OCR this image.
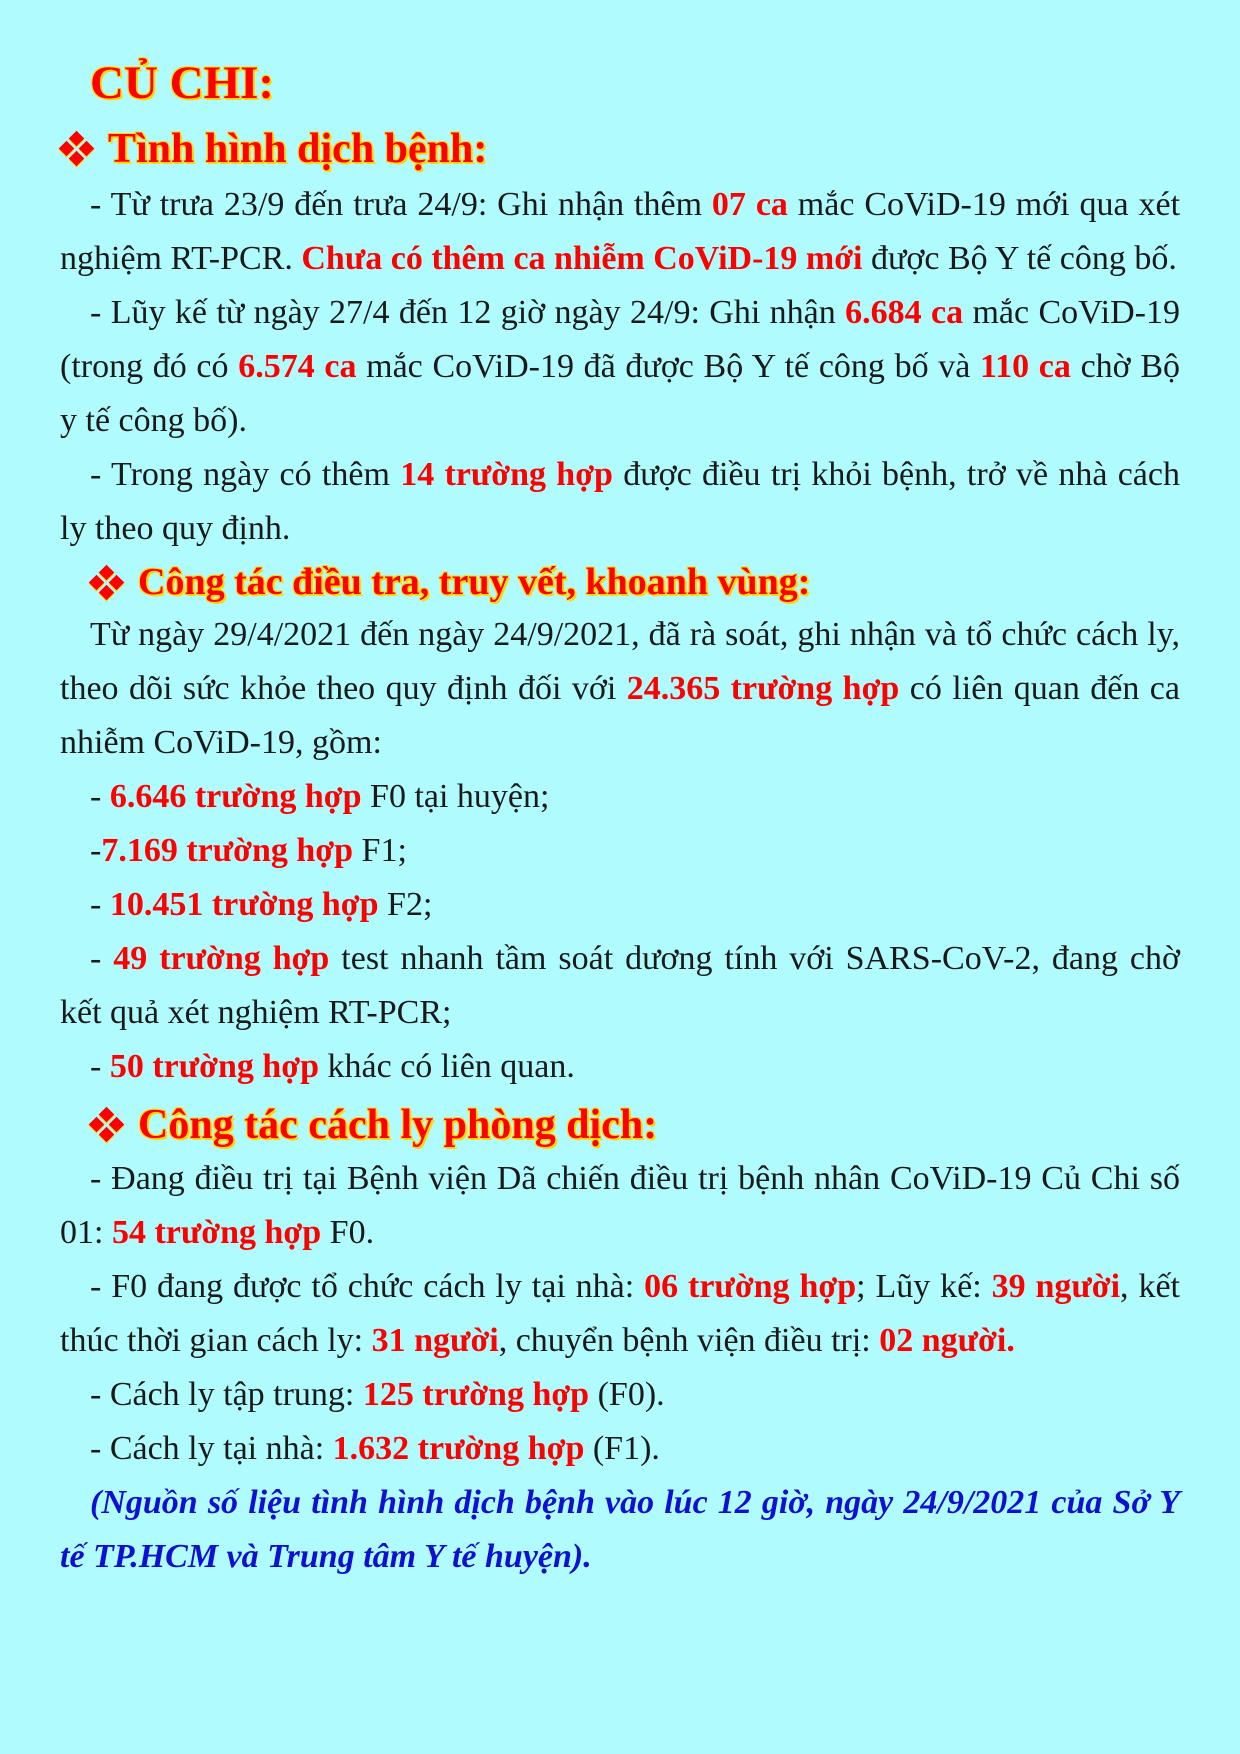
CỦ CHI:
Tình hình dịch bệnh:

- Từ trưa 23/9 đến trưa 24/9: Ghi nhận thêm 07 ca mắc CoViD-19 mới qua xét nghiệm RT-PCR. Chưa có thêm ca nhiễm CoViD-19 mới được Bộ Y tế công bố.

- Lũy kế từ ngày 27/4 đến 12 giờ ngày 24/9: Ghi nhận 6.684 ca mắc CoViD-19 (trong đó có 6.574 ca mắc CoViD-19 đã được Bộ Y tế công bố và 110 ca chờ Bộ y tế công bố).

- Trong ngày có thêm 14 trường hợp được điều trị khỏi bệnh, trở về nhà cách ly theo quy định.

Công tác điều tra, truy vết, khoanh vùng:

Từ ngày 29/4/2021 đến ngày 24/9/2021, đã rà soát, ghi nhận và tổ chức cách ly, theo dõi sức khỏe theo quy định đối với 24.365 trường hợp có liên quan đến ca nhiễm CoViD-19, gồm:

- 6.646 trường hợp F0 tại huyện;

-7.169 trường hợp F1;

- 10.451 trường hợp F2;

- 49 trường hợp test nhanh tầm soát dương tính với SARS-CoV-2, đang chờ kết quả xét nghiệm RT-PCR;

- 50 trường hợp khác có liên quan.

Công tác cách ly phòng dịch:

- Đang điều trị tại Bệnh viện Dã chiến điều trị bệnh nhân CoViD-19 Củ Chi số 01: 54 trường hợp F0.

- F0 đang được tổ chức cách ly tại nhà: 06 trường hợp; Lũy kế: 39 người, kết thúc thời gian cách ly: 31 người, chuyển bệnh viện điều trị: 02 người.

- Cách ly tập trung: 125 trường hợp (F0).

- Cách ly tại nhà: 1.632 trường hợp (F1).

(Nguồn số liệu tình hình dịch bệnh vào lúc 12 giờ, ngày 24/9/2021 của Sở Y tế TP.HCM và Trung tâm Y tế huyện).
